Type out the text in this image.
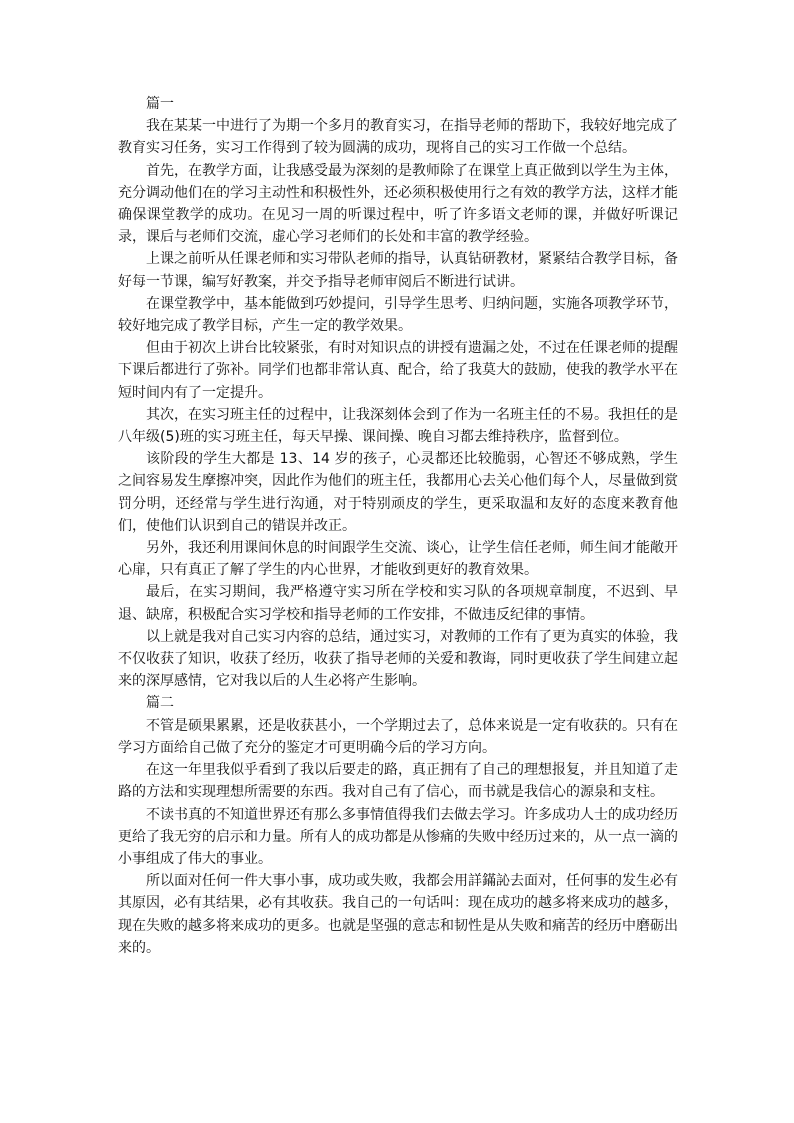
篇一

我在某某一中进行了为期一个多月的教育实习，在指导老师的帮助下，我较好地完成了教育实习任务，实习工作得到了较为圆满的成功，现将自己的实习工作做一个总结。

首先，在教学方面，让我感受最为深刻的是教师除了在课堂上真正做到以学生为主体，充分调动他们在的学习主动性和积极性外，还必须积极使用行之有效的教学方法，这样才能确保课堂教学的成功。在见习一周的听课过程中，听了许多语文老师的课，并做好听课记录，课后与老师们交流，虚心学习老师们的长处和丰富的教学经验。

上课之前听从任课老师和实习带队老师的指导，认真钻研教材，紧紧结合教学目标，备好每一节课，编写好教案，并交予指导老师审阅后不断进行试讲。

在课堂教学中，基本能做到巧妙提问，引导学生思考、归纳问题，实施各项教学环节，较好地完成了教学目标，产生一定的教学效果。

但由于初次上讲台比较紧张，有时对知识点的讲授有遗漏之处，不过在任课老师的提醒下课后都进行了弥补。同学们也都非常认真、配合，给了我莫大的鼓励，使我的教学水平在短时间内有了一定提升。

其次，在实习班主任的过程中，让我深刻体会到了作为一名班主任的不易。我担任的是八年级(5)班的实习班主任，每天早操、课间操、晚自习都去维持秩序，监督到位。

该阶段的学生大都是 13、14 岁的孩子，心灵都还比较脆弱，心智还不够成熟，学生之间容易发生摩擦冲突，因此作为他们的班主任，我都用心去关心他们每个人，尽量做到赏罚分明，还经常与学生进行沟通，对于特别顽皮的学生，更采取温和友好的态度来教育他们，使他们认识到自己的错误并改正。

另外，我还利用课间休息的时间跟学生交流、谈心，让学生信任老师，师生间才能敞开心扉，只有真正了解了学生的内心世界，才能收到更好的教育效果。

最后，在实习期间，我严格遵守实习所在学校和实习队的各项规章制度，不迟到、早退、缺席，积极配合实习学校和指导老师的工作安排，不做违反纪律的事情。

以上就是我对自己实习内容的总结，通过实习，对教师的工作有了更为真实的体验，我不仅收获了知识，收获了经历，收获了指导老师的关爱和教诲，同时更收获了学生间建立起来的深厚感情，它对我以后的人生必将产生影响。

篇二

不管是硕果累累，还是收获甚小，一个学期过去了，总体来说是一定有收获的。只有在学习方面给自己做了充分的鉴定才可更明确今后的学习方向。

在这一年里我似乎看到了我以后要走的路，真正拥有了自己的理想报复，并且知道了走路的方法和实现理想所需要的东西。我对自己有了信心，而书就是我信心的源泉和支柱。

不读书真的不知道世界还有那么多事情值得我们去做去学习。许多成功人士的成功经历更给了我无穷的启示和力量。所有人的成功都是从惨痛的失败中经历过来的，从一点一滴的小事组成了伟大的事业。

所以面对任何一件大事小事，成功或失败，我都会用詳鏋訫去面对，任何事的发生必有其原因，必有其结果，必有其收获。我自己的一句话叫：现在成功的越多将来成功的越多，现在失败的越多将来成功的更多。也就是坚强的意志和韧性是从失败和痛苦的经历中磨砺出来的。
